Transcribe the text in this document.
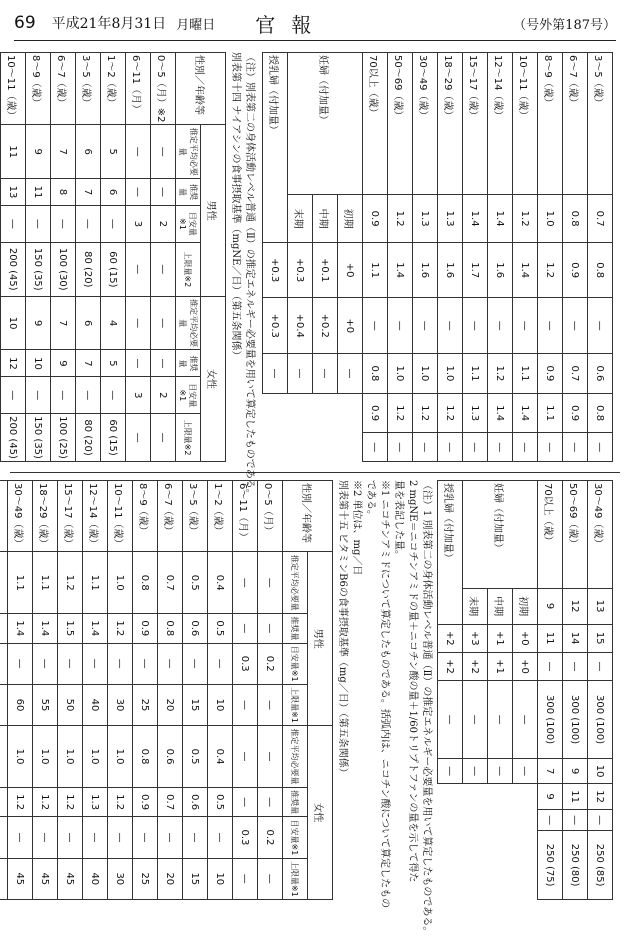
69 平成21年8月31日 月曜日 官報	（号外第187号）
3〜5（歳）	0.7	0.8	—	0.6	0.8	—
6〜7（歳）	0.8	0.9	—	0.7	0.9	—
8〜9（歳）	1.0	1.2	—	0.9	1.1	—
10〜11（歳）	1.2	1.4	—	1.1	1.4	—
12〜14（歳）	1.4	1.6	—	1.2	1.4	—
15〜17（歳）	1.4	1.7	—	1.1	1.3	—
18〜29（歳）	1.3	1.6	—	1.0	1.2	—
30〜49（歳）	1.3	1.6	—	1.0	1.2	—
50〜69（歳）	1.2	1.4	—	1.0	1.2	—
70以上（歳）	0.9	1.1	—	0.8	0.9	—
妊婦（付加量）	初期	+0	+0	—		
	中期	+0.1	+0.2	—		
	末期	+0.3	+0.4	—		
授乳婦（付加量）		+0.3	+0.3	—		
（注）別表第二の身体活動レベル普通（Ⅱ）の推定エネルギー必要量を用いて算定したものである。
別表第十四 ナイアシンの食事摂取基準（mgNE／日）（第五条関係）
性別／年齢等	男性				女性			
	推定平均必要量	推奨量	目安量※1	上限量※2	推定平均必要量	推奨量	目安量※1	上限量※2
0〜5（月）※2	—	—	2	—	—	—	2	—
6〜11（月）	—	—	3	—	—	—	3	—
1〜2（歳）	5	6	—	60 (15)	4	5	—	60 (15)
3〜5（歳）	6	7	—	80 (20)	6	7	—	80 (20)
6〜7（歳）	7	8	—	100 (30)	7	9	—	100 (25)
8〜9（歳）	9	11	—	150 (35)	9	10	—	150 (35)
10〜11（歳）	11	13	—	200 (45)	10	12	—	200 (45)

30〜49（歳）	13	15	—	300 (100)	10	12	—	250 (85)
50〜69（歳）	12	14	—	300 (100)	9	11	—	250 (80)
70以上（歳）	9	11	—	300 (100)	7	9	—	250 (75)
妊婦（付加量）	初期	+0	+0	—	—			
	中期	+1	+1	—	—			
	末期	+3	+2	—	—			
授乳婦（付加量）		+2	+2	—	—			
（注）1 別表第二の身体活動レベル普通（Ⅱ）の推定エネルギー必要量を用いて算定したものである。
2 mgNE＝ニコチンアミドの量＋ニコチン酸の量＋1/60トリプトファンの量を示して得た
量を表記した量。
※1 ニコチンアミドについて算定したものである。括弧内は、ニコチン酸について算定したもの
である。
※2 単位は、mg／日
別表第十五 ビタミンB6の食事摂取基準（mg／日）（第五条関係）
性別／年齢等	男性				女性			
	推定平均必要量	推奨量	目安量※1	上限量※1	推定平均必要量	推奨量	目安量※1	上限量※1
0〜5（月）	—	—	0.2	—	—	—	0.2	—
6〜11（月）	—	—	0.3	—	—	—	0.3	—
1〜2（歳）	0.4	0.5	—	10	0.4	0.5	—	10
3〜5（歳）	0.5	0.6	—	15	0.5	0.6	—	15
6〜7（歳）	0.7	0.8	—	20	0.6	0.7	—	20
8〜9（歳）	0.8	0.9	—	25	0.8	0.9	—	25
10〜11（歳）	1.0	1.2	—	30	1.0	1.2	—	30
12〜14（歳）	1.1	1.4	—	40	1.0	1.3	—	40
15〜17（歳）	1.2	1.5	—	50	1.0	1.2	—	45
18〜29（歳）	1.1	1.4	—	55	1.0	1.2	—	45
30〜49（歳）	1.1	1.4	—	60	1.0	1.2	—	45
